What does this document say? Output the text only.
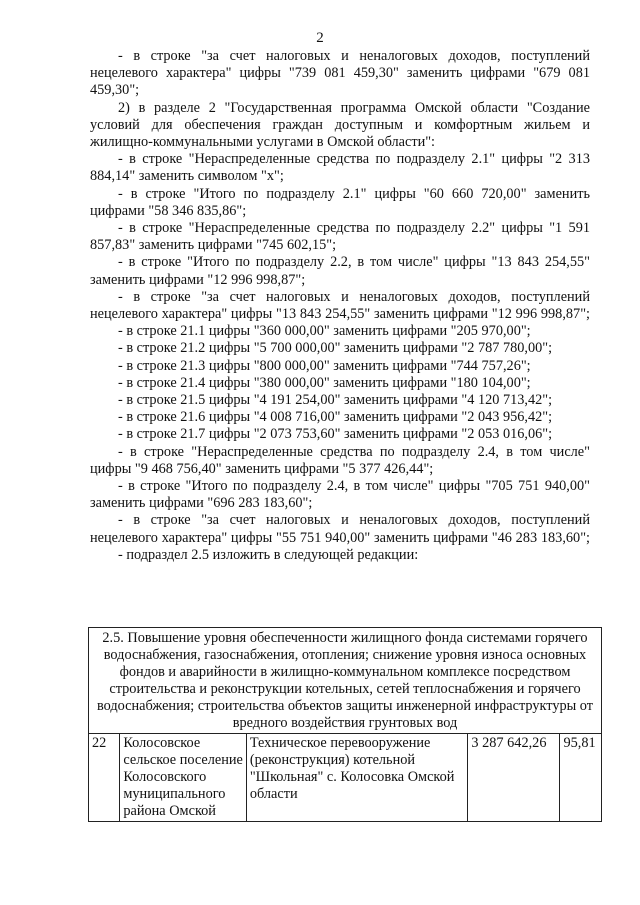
2

- в строке "за счет налоговых и неналоговых доходов, поступлений нецелевого характера" цифры "739 081 459,30" заменить цифрами "679 081 459,30";

2) в разделе 2 "Государственная программа Омской области "Создание условий для обеспечения граждан доступным и комфортным жильем и жилищно-коммунальными услугами в Омской области":

- в строке "Нераспределенные средства по подразделу 2.1" цифры "2 313 884,14" заменить символом "х";

- в строке "Итого по подразделу 2.1" цифры "60 660 720,00" заменить цифрами "58 346 835,86";

- в строке "Нераспределенные средства по подразделу 2.2" цифры "1 591 857,83" заменить цифрами "745 602,15";

- в строке "Итого по подразделу 2.2, в том числе" цифры "13 843 254,55" заменить цифрами "12 996 998,87";

- в строке "за счет налоговых и неналоговых доходов, поступлений нецелевого характера" цифры "13 843 254,55" заменить цифрами "12 996 998,87";

- в строке 21.1 цифры "360 000,00" заменить цифрами "205 970,00";

- в строке 21.2 цифры "5 700 000,00" заменить цифрами "2 787 780,00";

- в строке 21.3 цифры "800 000,00" заменить цифрами "744 757,26";

- в строке 21.4 цифры "380 000,00" заменить цифрами "180 104,00";

- в строке 21.5 цифры "4 191 254,00" заменить цифрами "4 120 713,42";

- в строке 21.6 цифры "4 008 716,00" заменить цифрами "2 043 956,42";

- в строке 21.7 цифры "2 073 753,60" заменить цифрами "2 053 016,06";

- в строке "Нераспределенные средства по подразделу 2.4, в том числе" цифры "9 468 756,40" заменить цифрами "5 377 426,44";

- в строке "Итого по подразделу 2.4, в том числе" цифры "705 751 940,00" заменить цифрами "696 283 183,60";

- в строке "за счет налоговых и неналоговых доходов, поступлений нецелевого характера" цифры "55 751 940,00" заменить цифрами "46 283 183,60";

- подраздел 2.5 изложить в следующей редакции:

2.5. Повышение уровня обеспеченности жилищного фонда системами горячего водоснабжения, газоснабжения, отопления; снижение уровня износа основных фондов и аварийности в жилищно-коммунальном комплексе посредством строительства и реконструкции котельных, сетей теплоснабжения и горячего водоснабжения; строительства объектов защиты инженерной инфраструктуры от вредного воздействия грунтовых вод
22	Колосовское сельское поселение Колосовского муниципального района Омской	Техническое перевооружение (реконструкция) котельной "Школьная" с. Колосовка Омской области	3 287 642,26	95,81
